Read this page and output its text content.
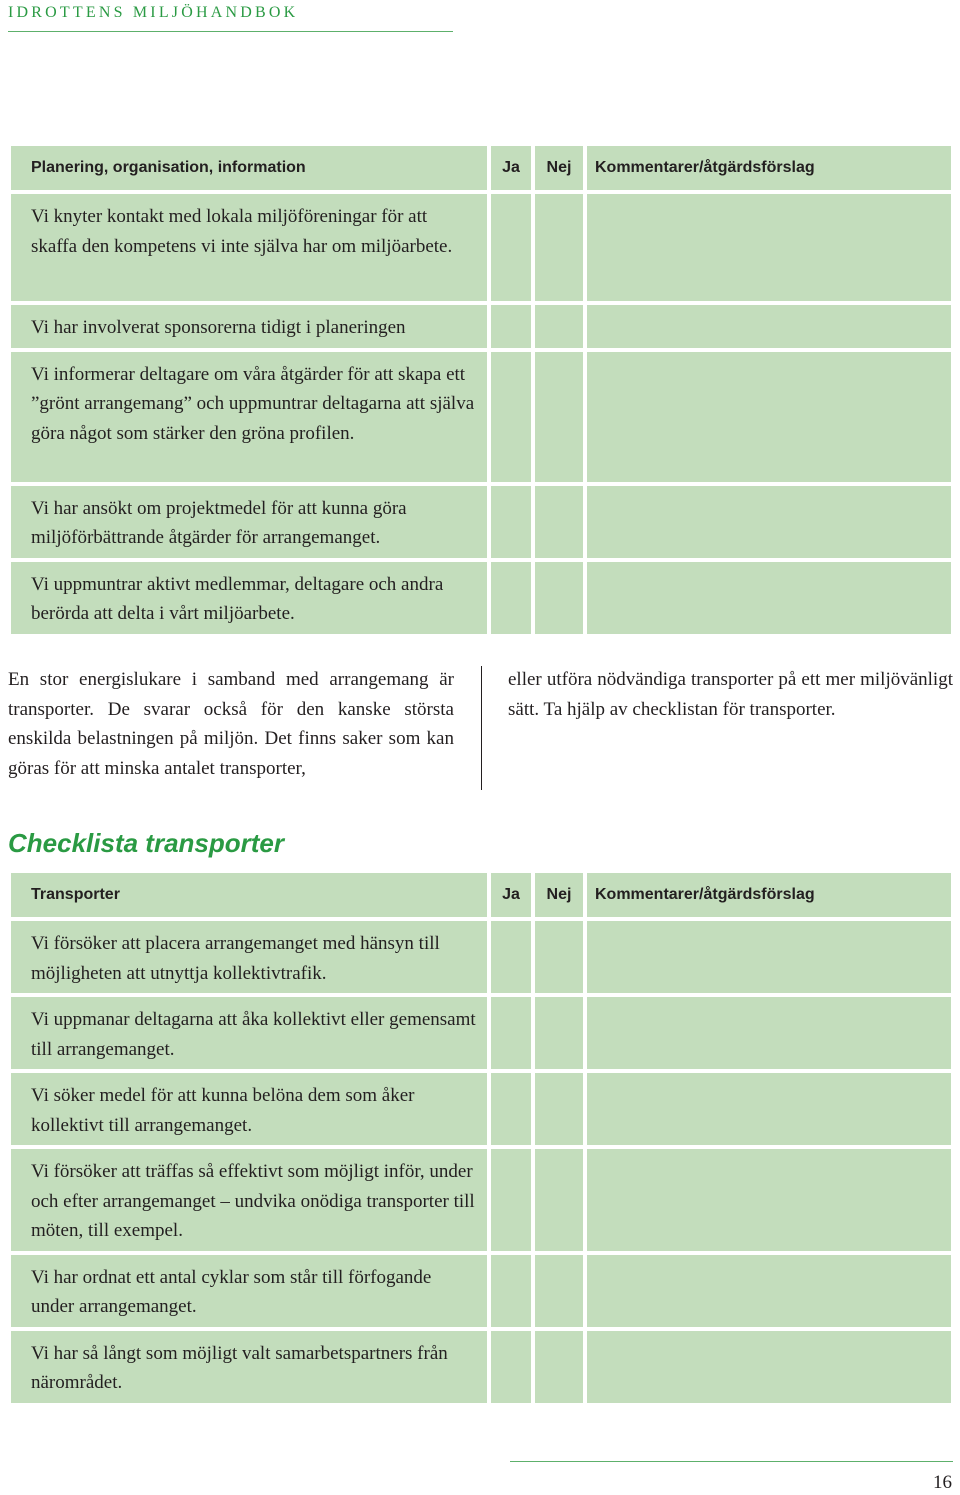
IDROTTENS MILJÖHANDBOK
Planering, organisation, information	Ja	Nej	Kommentarer/åtgärdsförslag
Vi knyter kontakt med lokala miljöföreningar för att skaffa den kompetens vi inte själva har om miljöarbete.			
Vi har involverat sponsorerna tidigt i planeringen			
Vi informerar deltagare om våra åtgärder för att skapa ett ”grönt arrangemang” och uppmuntrar deltagarna att själva göra något som stärker den gröna profilen.			
Vi har ansökt om projektmedel för att kunna göra miljöförbättrande åtgärder för arrangemanget.			
Vi uppmuntrar aktivt medlemmar, deltagare och andra berörda att delta i vårt miljöarbete.			

En stor energislukare i samband med arrangemang är transporter. De svarar också för den kanske största enskilda belastningen på miljön. Det finns saker som kan göras för att minska antalet transporter,

eller utföra nödvändiga transporter på ett mer miljövänligt sätt. Ta hjälp av checklistan för transporter.

Checklista transporter
Transporter	Ja	Nej	Kommentarer/åtgärdsförslag
Vi försöker att placera arrangemanget med hänsyn till möjligheten att utnyttja kollektivtrafik.			
Vi uppmanar deltagarna att åka kollektivt eller gemensamt till arrangemanget.			
Vi söker medel för att kunna belöna dem som åker kollektivt till arrangemanget.			
Vi försöker att träffas så effektivt som möjligt inför, under och efter arrangemanget – undvika onödiga transporter till möten, till exempel.			
Vi har ordnat ett antal cyklar som står till förfogande under arrangemanget.			
Vi har så långt som möjligt valt samarbetspartners från närområdet.			
16
